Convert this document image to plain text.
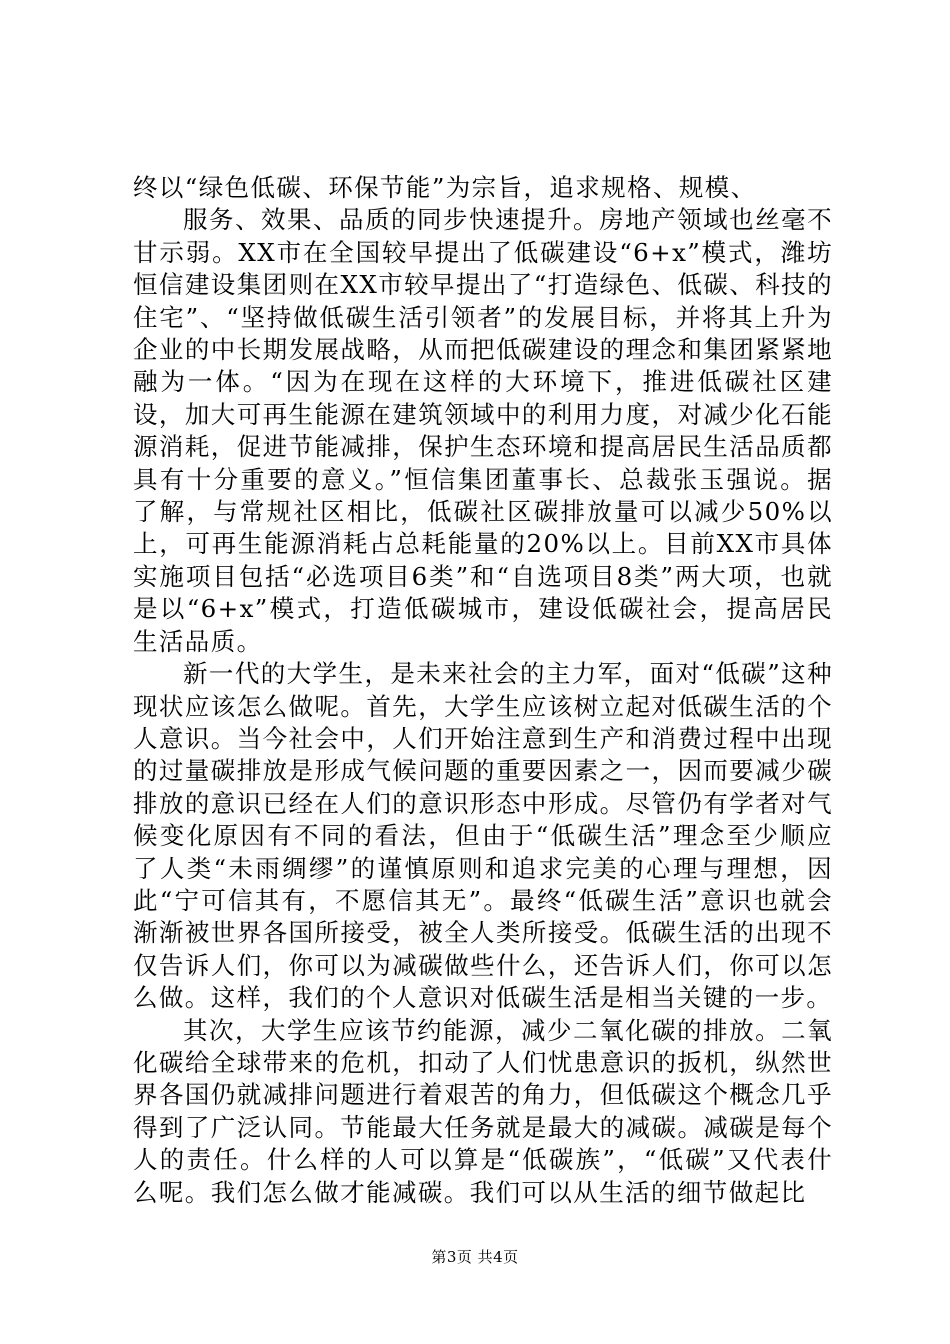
终以“绿色低碳、环保节能”为宗旨，追求规格、规模、

服务、效果、品质的同步快速提升。房地产领域也丝毫不甘示弱。XX市在全国较早提出了低碳建设“6+x”模式，潍坊恒信建设集团则在XX市较早提出了“打造绿色、低碳、科技的住宅”、“坚持做低碳生活引领者”的发展目标，并将其上升为企业的中长期发展战略，从而把低碳建设的理念和集团紧紧地融为一体。“因为在现在这样的大环境下，推进低碳社区建设，加大可再生能源在建筑领域中的利用力度，对减少化石能源消耗，促进节能减排，保护生态环境和提高居民生活品质都具有十分重要的意义。”恒信集团董事长、总裁张玉强说。据了解，与常规社区相比，低碳社区碳排放量可以减少50%以上，可再生能源消耗占总耗能量的20%以上。目前XX市具体实施项目包括“必选项目6类”和“自选项目8类”两大项，也就是以“6+x”模式，打造低碳城市，建设低碳社会，提高居民生活品质。

新一代的大学生，是未来社会的主力军，面对“低碳”这种现状应该怎么做呢。首先，大学生应该树立起对低碳生活的个人意识。当今社会中，人们开始注意到生产和消费过程中出现的过量碳排放是形成气候问题的重要因素之一，因而要减少碳排放的意识已经在人们的意识形态中形成。尽管仍有学者对气候变化原因有不同的看法，但由于“低碳生活”理念至少顺应了人类“未雨绸缪”的谨慎原则和追求完美的心理与理想，因此“宁可信其有，不愿信其无”。最终“低碳生活”意识也就会渐渐被世界各国所接受，被全人类所接受。低碳生活的出现不仅告诉人们，你可以为减碳做些什么，还告诉人们，你可以怎么做。这样，我们的个人意识对低碳生活是相当关键的一步。

其次，大学生应该节约能源，减少二氧化碳的排放。二氧化碳给全球带来的危机，扣动了人们忧患意识的扳机，纵然世界各国仍就减排问题进行着艰苦的角力，但低碳这个概念几乎得到了广泛认同。节能最大任务就是最大的减碳。减碳是每个人的责任。什么样的人可以算是“低碳族”，“低碳”又代表什么呢。我们怎么做才能减碳。我们可以从生活的细节做起比

第3页 共4页
